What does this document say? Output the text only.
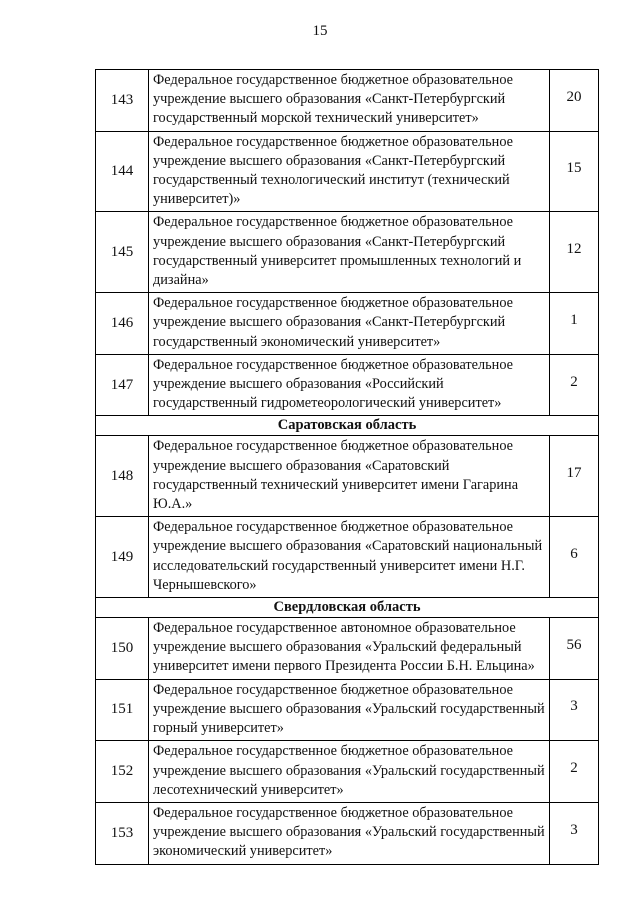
15
143
Федеральное государственное бюджетное образовательное учреждение высшего образования «Санкт-Петербургский государственный морской технический университет»
20
144
Федеральное государственное бюджетное образовательное учреждение высшего образования «Санкт-Петербургский государственный технологический институт (технический университет)»
15
145
Федеральное государственное бюджетное образовательное учреждение высшего образования «Санкт-Петербургский государственный университет промышленных технологий и дизайна»
12
146
Федеральное государственное бюджетное образовательное учреждение высшего образования «Санкт-Петербургский государственный экономический университет»
1
147
Федеральное государственное бюджетное образовательное учреждение высшего образования «Российский государственный гидрометеорологический университет»
2
Саратовская область
148
Федеральное государственное бюджетное образовательное учреждение высшего образования «Саратовский государственный технический университет имени Гагарина Ю.А.»
17
149
Федеральное государственное бюджетное образовательное учреждение высшего образования «Саратовский национальный исследовательский государственный университет имени Н.Г. Чернышевского»
6
Свердловская область
150
Федеральное государственное автономное образовательное учреждение высшего образования «Уральский федеральный университет имени первого Президента России Б.Н. Ельцина»
56
151
Федеральное государственное бюджетное образовательное учреждение высшего образования «Уральский государственный горный университет»
3
152
Федеральное государственное бюджетное образовательное учреждение высшего образования «Уральский государственный лесотехнический университет»
2
153
Федеральное государственное бюджетное образовательное учреждение высшего образования «Уральский государственный экономический университет»
3
